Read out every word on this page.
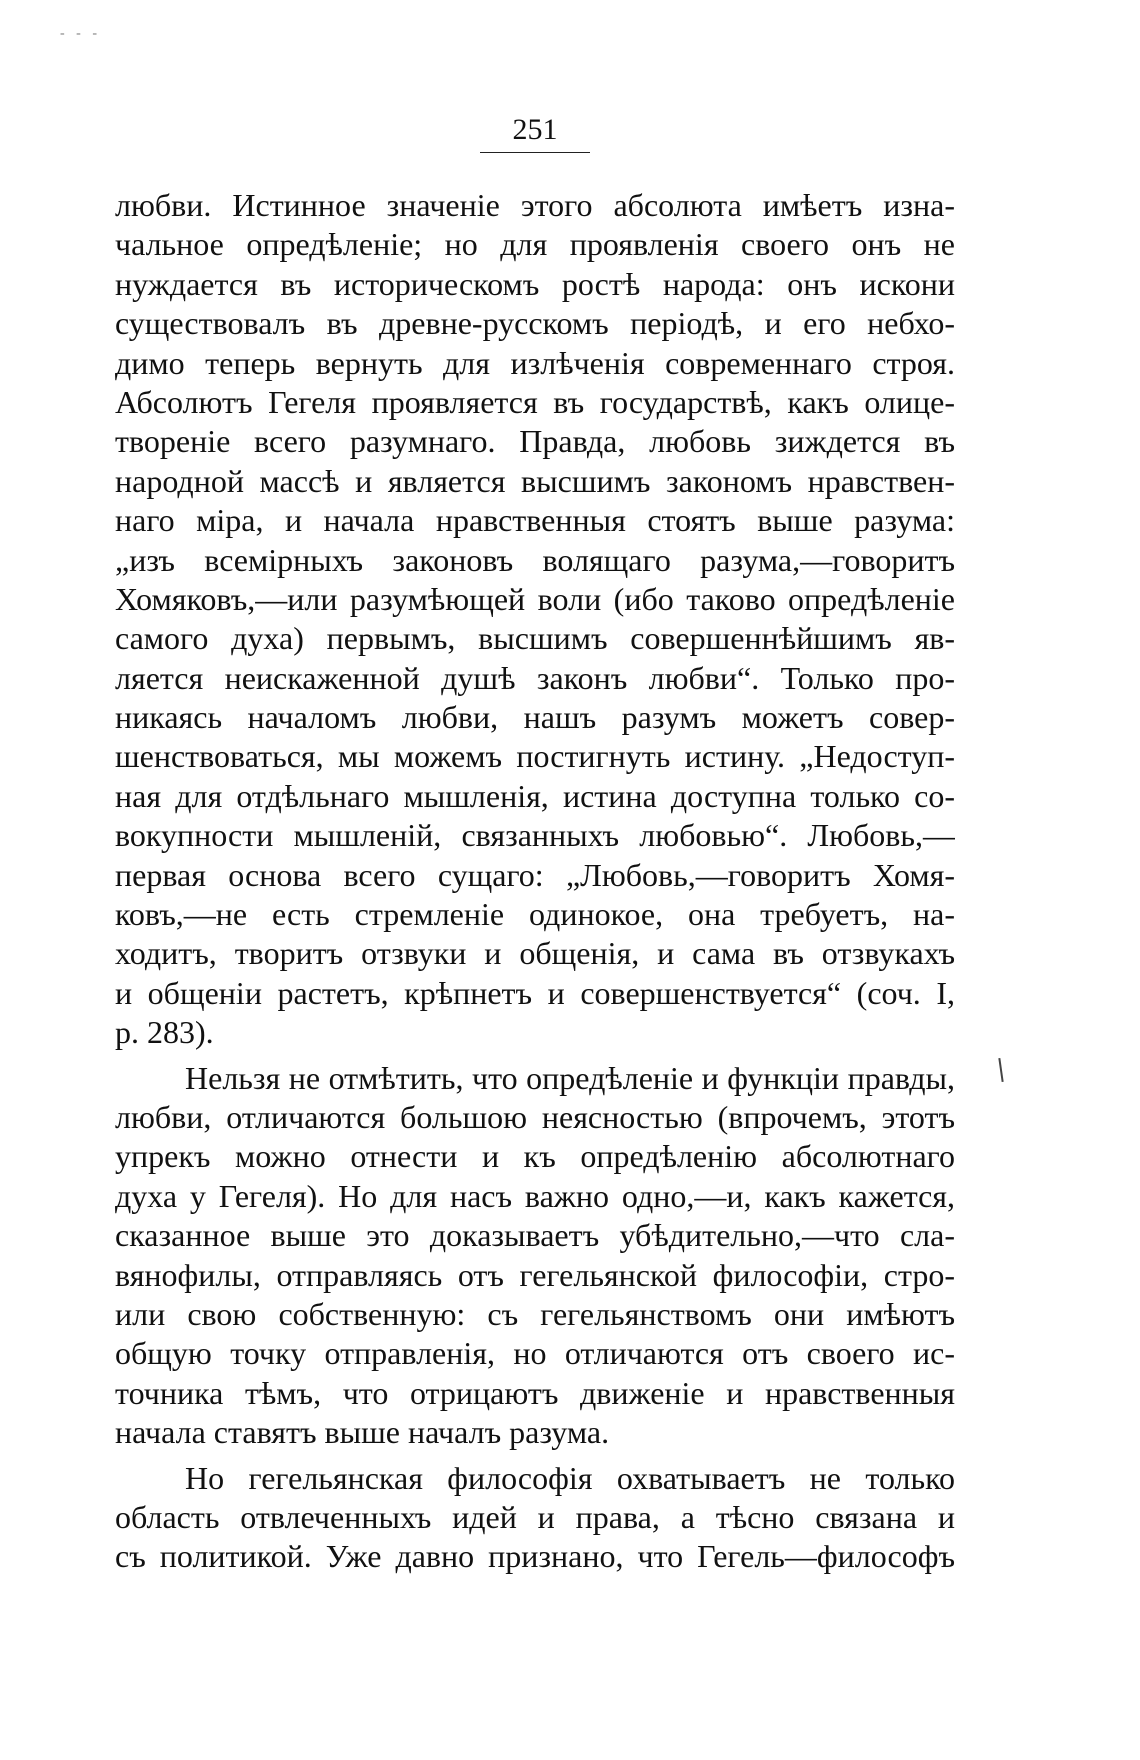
- - -
251
любви. Истинное значеніе этого абсолюта имѣетъ изна-
чальное опредѣленіе; но для проявленія своего онъ не
нуждается въ историческомъ ростѣ народа: онъ искони
существовалъ въ древне-русскомъ періодѣ, и его небхо-
димо теперь вернуть для излѣченія современнаго строя.
Абсолютъ Гегеля проявляется въ государствѣ, какъ олице-
твореніе всего разумнаго. Правда, любовь зиждется въ
народной массѣ и является высшимъ закономъ нравствен-
наго міра, и начала нравственныя стоятъ выше разума:
„изъ всемірныхъ законовъ волящаго разума,—говоритъ
Хомяковъ,—или разумѣющей воли (ибо таково опредѣленіе
самого духа) первымъ, высшимъ совершеннѣйшимъ яв-
ляется неискаженной душѣ законъ любви“. Только про-
никаясь началомъ любви, нашъ разумъ можетъ совер-
шенствоваться, мы можемъ постигнуть истину. „Недоступ-
ная для отдѣльнаго мышленія, истина доступна только со-
вокупности мышленій, связанныхъ любовью“. Любовь,—
первая основа всего сущаго: „Любовь,—говоритъ Хомя-
ковъ,—не есть стремленіе одинокое, она требуетъ, на-
ходитъ, творитъ отзвуки и общенія, и сама въ отзвукахъ
и общеніи растетъ, крѣпнетъ и совершенствуется“ (соч. I,
р. 283).
Нельзя не отмѣтить, что опредѣленіе и функціи правды,
любви, отличаются большою неясностью (впрочемъ, этотъ
упрекъ можно отнести и къ опредѣленію абсолютнаго
духа у Гегеля). Но для насъ важно одно,—и, какъ кажется,
сказанное выше это доказываетъ убѣдительно,—что сла-
вянофилы, отправляясь отъ гегельянской философіи, стро-
или свою собственную: съ гегельянствомъ они имѣютъ
общую точку отправленія, но отличаются отъ своего ис-
точника тѣмъ, что отрицаютъ движеніе и нравственныя
начала ставятъ выше началъ разума.
Но гегельянская философія охватываетъ не только
область отвлеченныхъ идей и права, а тѣсно связана и
съ политикой. Уже давно признано, что Гегель—философъ
